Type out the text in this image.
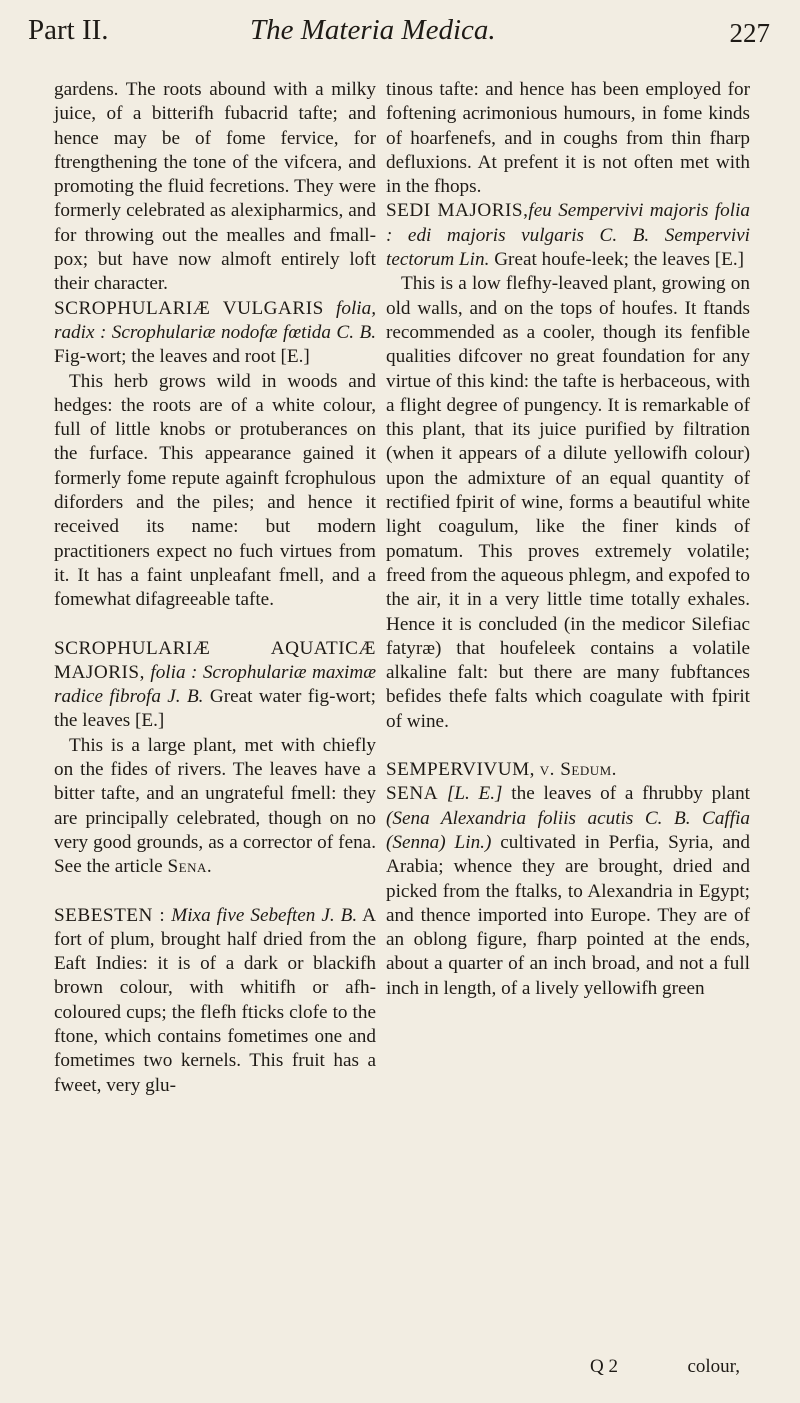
Part II.	The Materia Medica.	227

gardens. The roots abound with a milky juice, of a bitterifh fubacrid tafte; and hence may be of fome fervice, for ftrengthening the tone of the vifcera, and promoting the fluid fecretions. They were formerly celebrated as alexipharmics, and for throwing out the mealles and fmall-pox; but have now almoft entirely loft their character.

SCROPHULARIÆ VULGARIS folia, radix : Scrophulariæ nodofæ fœtida C. B. Fig-wort; the leaves and root [E.]

This herb grows wild in woods and hedges: the roots are of a white colour, full of little knobs or protuberances on the furface. This appearance gained it formerly fome repute againft fcrophulous diforders and the piles; and hence it received its name: but modern practitioners expect no fuch virtues from it. It has a faint unpleafant fmell, and a fomewhat difagreeable tafte.

SCROPHULARIÆ AQUATICÆ MAJORIS, folia : Scrophulariæ maximæ radice fibrofa J. B. Great water fig-wort; the leaves [E.]

This is a large plant, met with chiefly on the fides of rivers. The leaves have a bitter tafte, and an ungrateful fmell: they are principally celebrated, though on no very good grounds, as a corrector of fena. See the article Sena.

SEBESTEN : Mixa five Sebeften J. B. A fort of plum, brought half dried from the Eaft Indies: it is of a dark or blackifh brown colour, with whitifh or afh-coloured cups; the flefh fticks clofe to the ftone, which contains fometimes one and fometimes two kernels. This fruit has a fweet, very glu-

tinous tafte: and hence has been employed for foftening acrimonious humours, in fome kinds of hoarfenefs, and in coughs from thin fharp defluxions. At prefent it is not often met with in the fhops.

SEDI MAJORIS,feu Sempervivi majoris folia : edi majoris vulgaris C. B. Sempervivi tectorum Lin. Great houfe-leek; the leaves [E.]

This is a low flefhy-leaved plant, growing on old walls, and on the tops of houfes. It ftands recommended as a cooler, though its fenfible qualities difcover no great foundation for any virtue of this kind: the tafte is herbaceous, with a flight degree of pungency. It is remarkable of this plant, that its juice purified by filtration (when it appears of a dilute yellowifh colour) upon the admixture of an equal quantity of rectified fpirit of wine, forms a beautiful white light coagulum, like the finer kinds of pomatum. This proves extremely volatile; freed from the aqueous phlegm, and expofed to the air, it in a very little time totally exhales. Hence it is concluded (in the medicor Silefiac fatyræ) that houfeleek contains a volatile alkaline falt: but there are many fubftances befides thefe falts which coagulate with fpirit of wine.

SEMPERVIVUM, v. Sedum.

SENA [L. E.] the leaves of a fhrubby plant (Sena Alexandria foliis acutis C. B. Caffia (Senna) Lin.) cultivated in Perfia, Syria, and Arabia; whence they are brought, dried and picked from the ftalks, to Alexandria in Egypt; and thence imported into Europe. They are of an oblong figure, fharp pointed at the ends, about a quarter of an inch broad, and not a full inch in length, of a lively yellowifh green

Q 2	colour,
